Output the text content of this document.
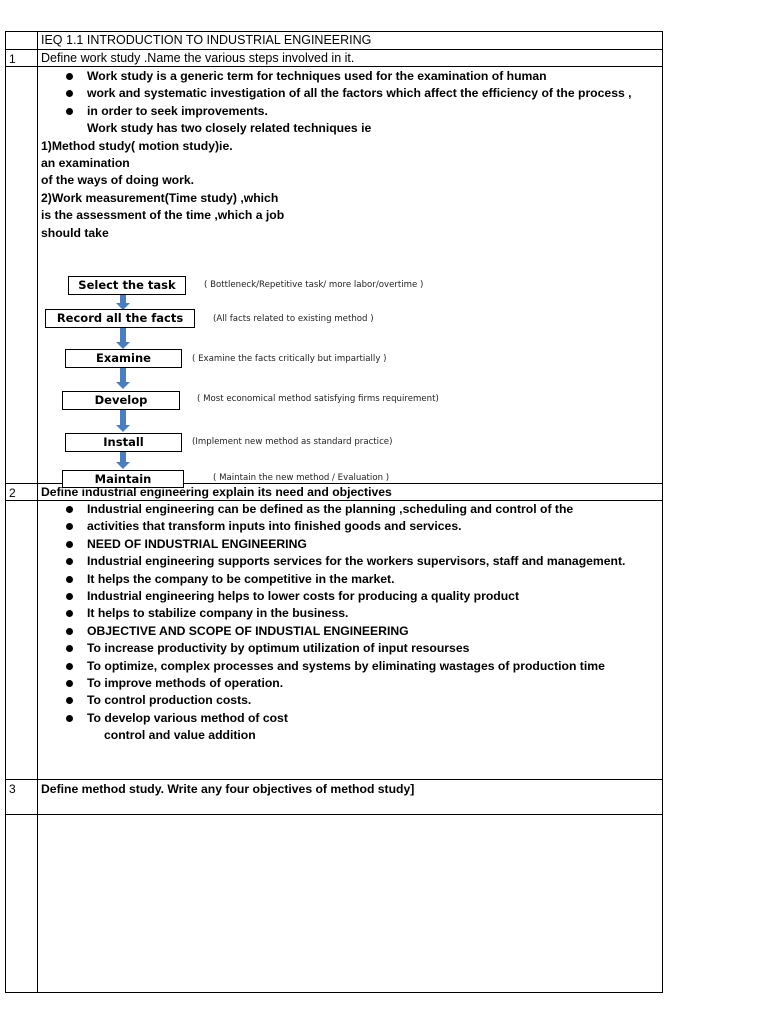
IEQ 1.1 INTRODUCTION TO INDUSTRIAL ENGINEERING
1 Define work study .Name the various steps involved in it.
Work study is a generic term for techniques used for the examination of human
work and systematic investigation of all the factors which affect the efficiency of the process ,
in order to seek improvements.
Work study has two closely related techniques ie
1)Method study( motion study)ie.
an examination
of the ways of doing work.
2)Work measurement(Time study) ,which
is the assessment of the time ,which a job
should take
Select the task
Record all the facts
Examine
Develop
Install
Maintain
( Bottleneck/Repetitive task/ more labor/overtime )
(All facts related to existing method )
( Examine the facts critically but impartially )
( Most economical method satisfying firms requirement)
(Implement new method as standard practice)
( Maintain the new method / Evaluation )
2 Define industrial engineering explain its need and objectives
Industrial engineering can be defined as the planning ,scheduling and control of the
activities that transform inputs into finished goods and services.
NEED OF INDUSTRIAL ENGINEERING
Industrial engineering supports services for the workers supervisors, staff and management.
It helps the company to be competitive in the market.
Industrial engineering helps to lower costs for producing a quality product
It helps to stabilize company in the business.
OBJECTIVE AND SCOPE OF INDUSTIAL ENGINEERING
To increase productivity by optimum utilization of input resourses
To optimize, complex processes and systems by eliminating wastages of production time
To improve methods of operation.
To control production costs.
To develop various method of cost
control and value addition
3 Define method study. Write any four objectives of method study]
